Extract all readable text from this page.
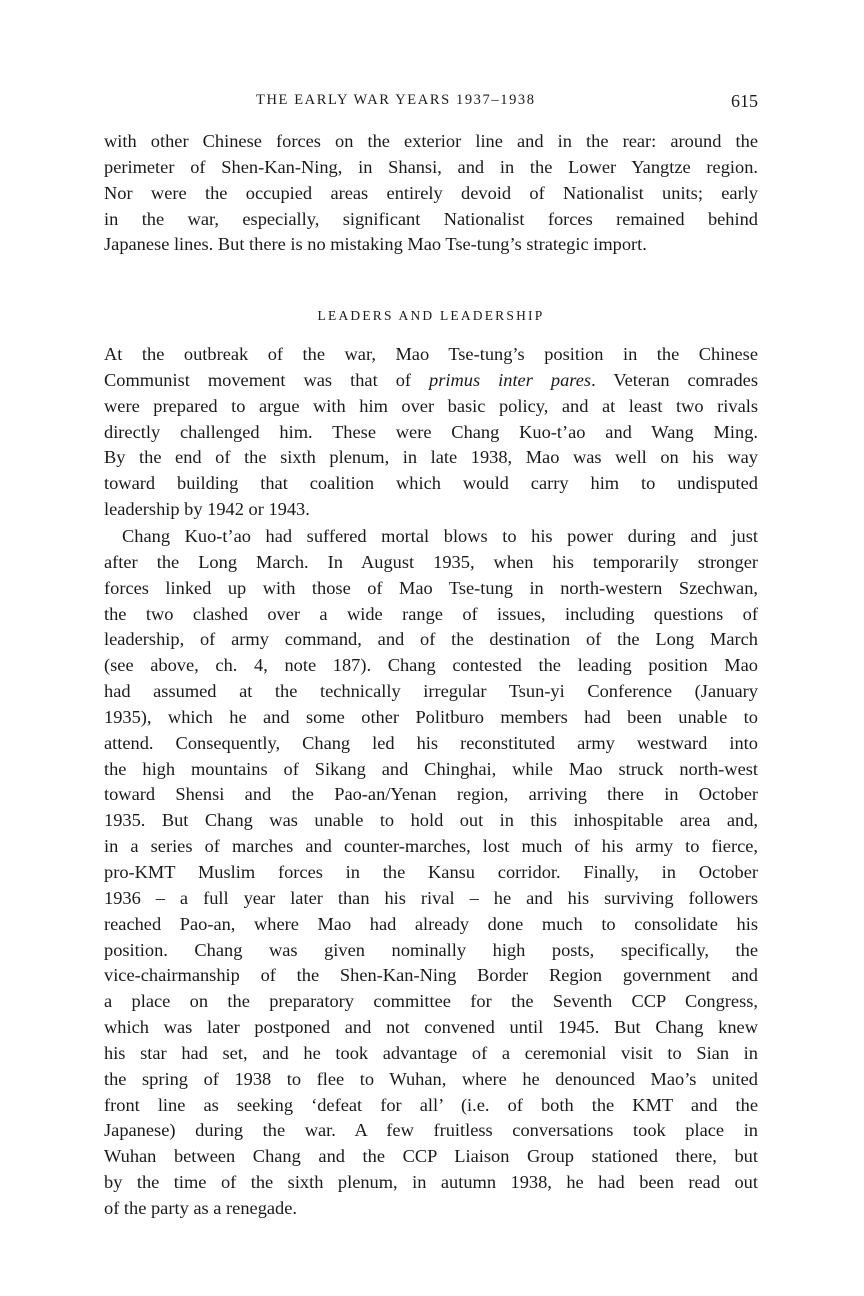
THE EARLY WAR YEARS 1937–1938	615

with other Chinese forces on the exterior line and in the rear: around the
perimeter of Shen-Kan-Ning, in Shansi, and in the Lower Yangtze region.
Nor were the occupied areas entirely devoid of Nationalist units; early
in the war, especially, significant Nationalist forces remained behind
Japanese lines. But there is no mistaking Mao Tse-tung’s strategic import.

LEADERS AND LEADERSHIP

At the outbreak of the war, Mao Tse-tung’s position in the Chinese
Communist movement was that of primus inter pares. Veteran comrades
were prepared to argue with him over basic policy, and at least two rivals
directly challenged him. These were Chang Kuo-t’ao and Wang Ming.
By the end of the sixth plenum, in late 1938, Mao was well on his way
toward building that coalition which would carry him to undisputed
leadership by 1942 or 1943.

Chang Kuo-t’ao had suffered mortal blows to his power during and just
after the Long March. In August 1935, when his temporarily stronger
forces linked up with those of Mao Tse-tung in north-western Szechwan,
the two clashed over a wide range of issues, including questions of
leadership, of army command, and of the destination of the Long March
(see above, ch. 4, note 187). Chang contested the leading position Mao
had assumed at the technically irregular Tsun-yi Conference (January
1935), which he and some other Politburo members had been unable to
attend. Consequently, Chang led his reconstituted army westward into
the high mountains of Sikang and Chinghai, while Mao struck north-west
toward Shensi and the Pao-an/Yenan region, arriving there in October
1935. But Chang was unable to hold out in this inhospitable area and,
in a series of marches and counter-marches, lost much of his army to fierce,
pro-KMT Muslim forces in the Kansu corridor. Finally, in October
1936 – a full year later than his rival – he and his surviving followers
reached Pao-an, where Mao had already done much to consolidate his
position. Chang was given nominally high posts, specifically, the
vice-chairmanship of the Shen-Kan-Ning Border Region government and
a place on the preparatory committee for the Seventh CCP Congress,
which was later postponed and not convened until 1945. But Chang knew
his star had set, and he took advantage of a ceremonial visit to Sian in
the spring of 1938 to flee to Wuhan, where he denounced Mao’s united
front line as seeking ‘defeat for all’ (i.e. of both the KMT and the
Japanese) during the war. A few fruitless conversations took place in
Wuhan between Chang and the CCP Liaison Group stationed there, but
by the time of the sixth plenum, in autumn 1938, he had been read out
of the party as a renegade.
